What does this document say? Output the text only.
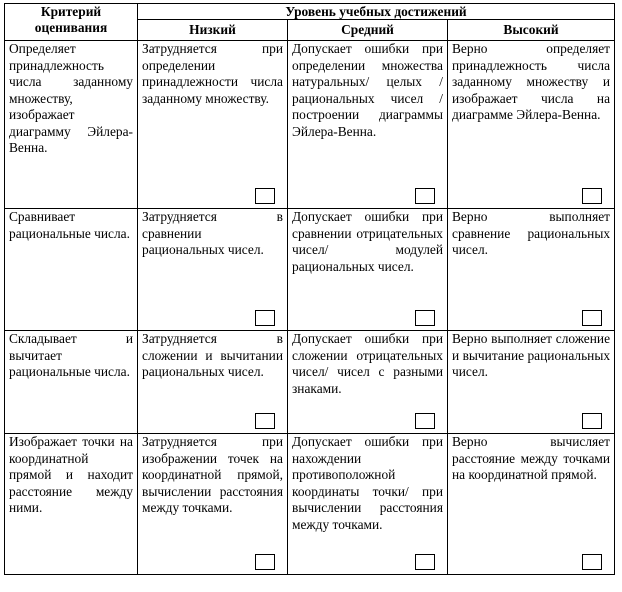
Критерий оценивания	Уровень учебных достижений		
	Низкий	Средний	Высокий
Определяет принадлежность числа заданному множеству, изображает диаграмму Эйлера-Венна.	Затрудняется при определении принадлежности числа заданному множеству.	Допускает ошибки при определении множества натуральных/ целых / рациональных чисел / построении диаграммы Эйлера-Венна.	Верно определяет принадлежность числа заданному множеству и изображает числа на диаграмме Эйлера-Венна.

Сравнивает рациональные числа.	Затрудняется в сравнении рациональных чисел.	Допускает ошибки при сравнении отрицательных чисел/ модулей рациональных чисел.	Верно выполняет сравнение рациональных чисел.

Складывает и вычитает рациональные числа.	Затрудняется в сложении и вычитании рациональных чисел.	Допускает ошибки при сложении отрицательных чисел/ чисел с разными знаками.	Верно выполняет сложение и вычитание рациональных чисел.

Изображает точки на координатной прямой и находит расстояние между ними.	Затрудняется при изображении точек на координатной прямой, вычислении расстояния между точками.	Допускает ошибки при нахождении противоположной координаты точки/ при вычислении расстояния между точками.	Верно вычисляет расстояние между точками на координатной прямой.
